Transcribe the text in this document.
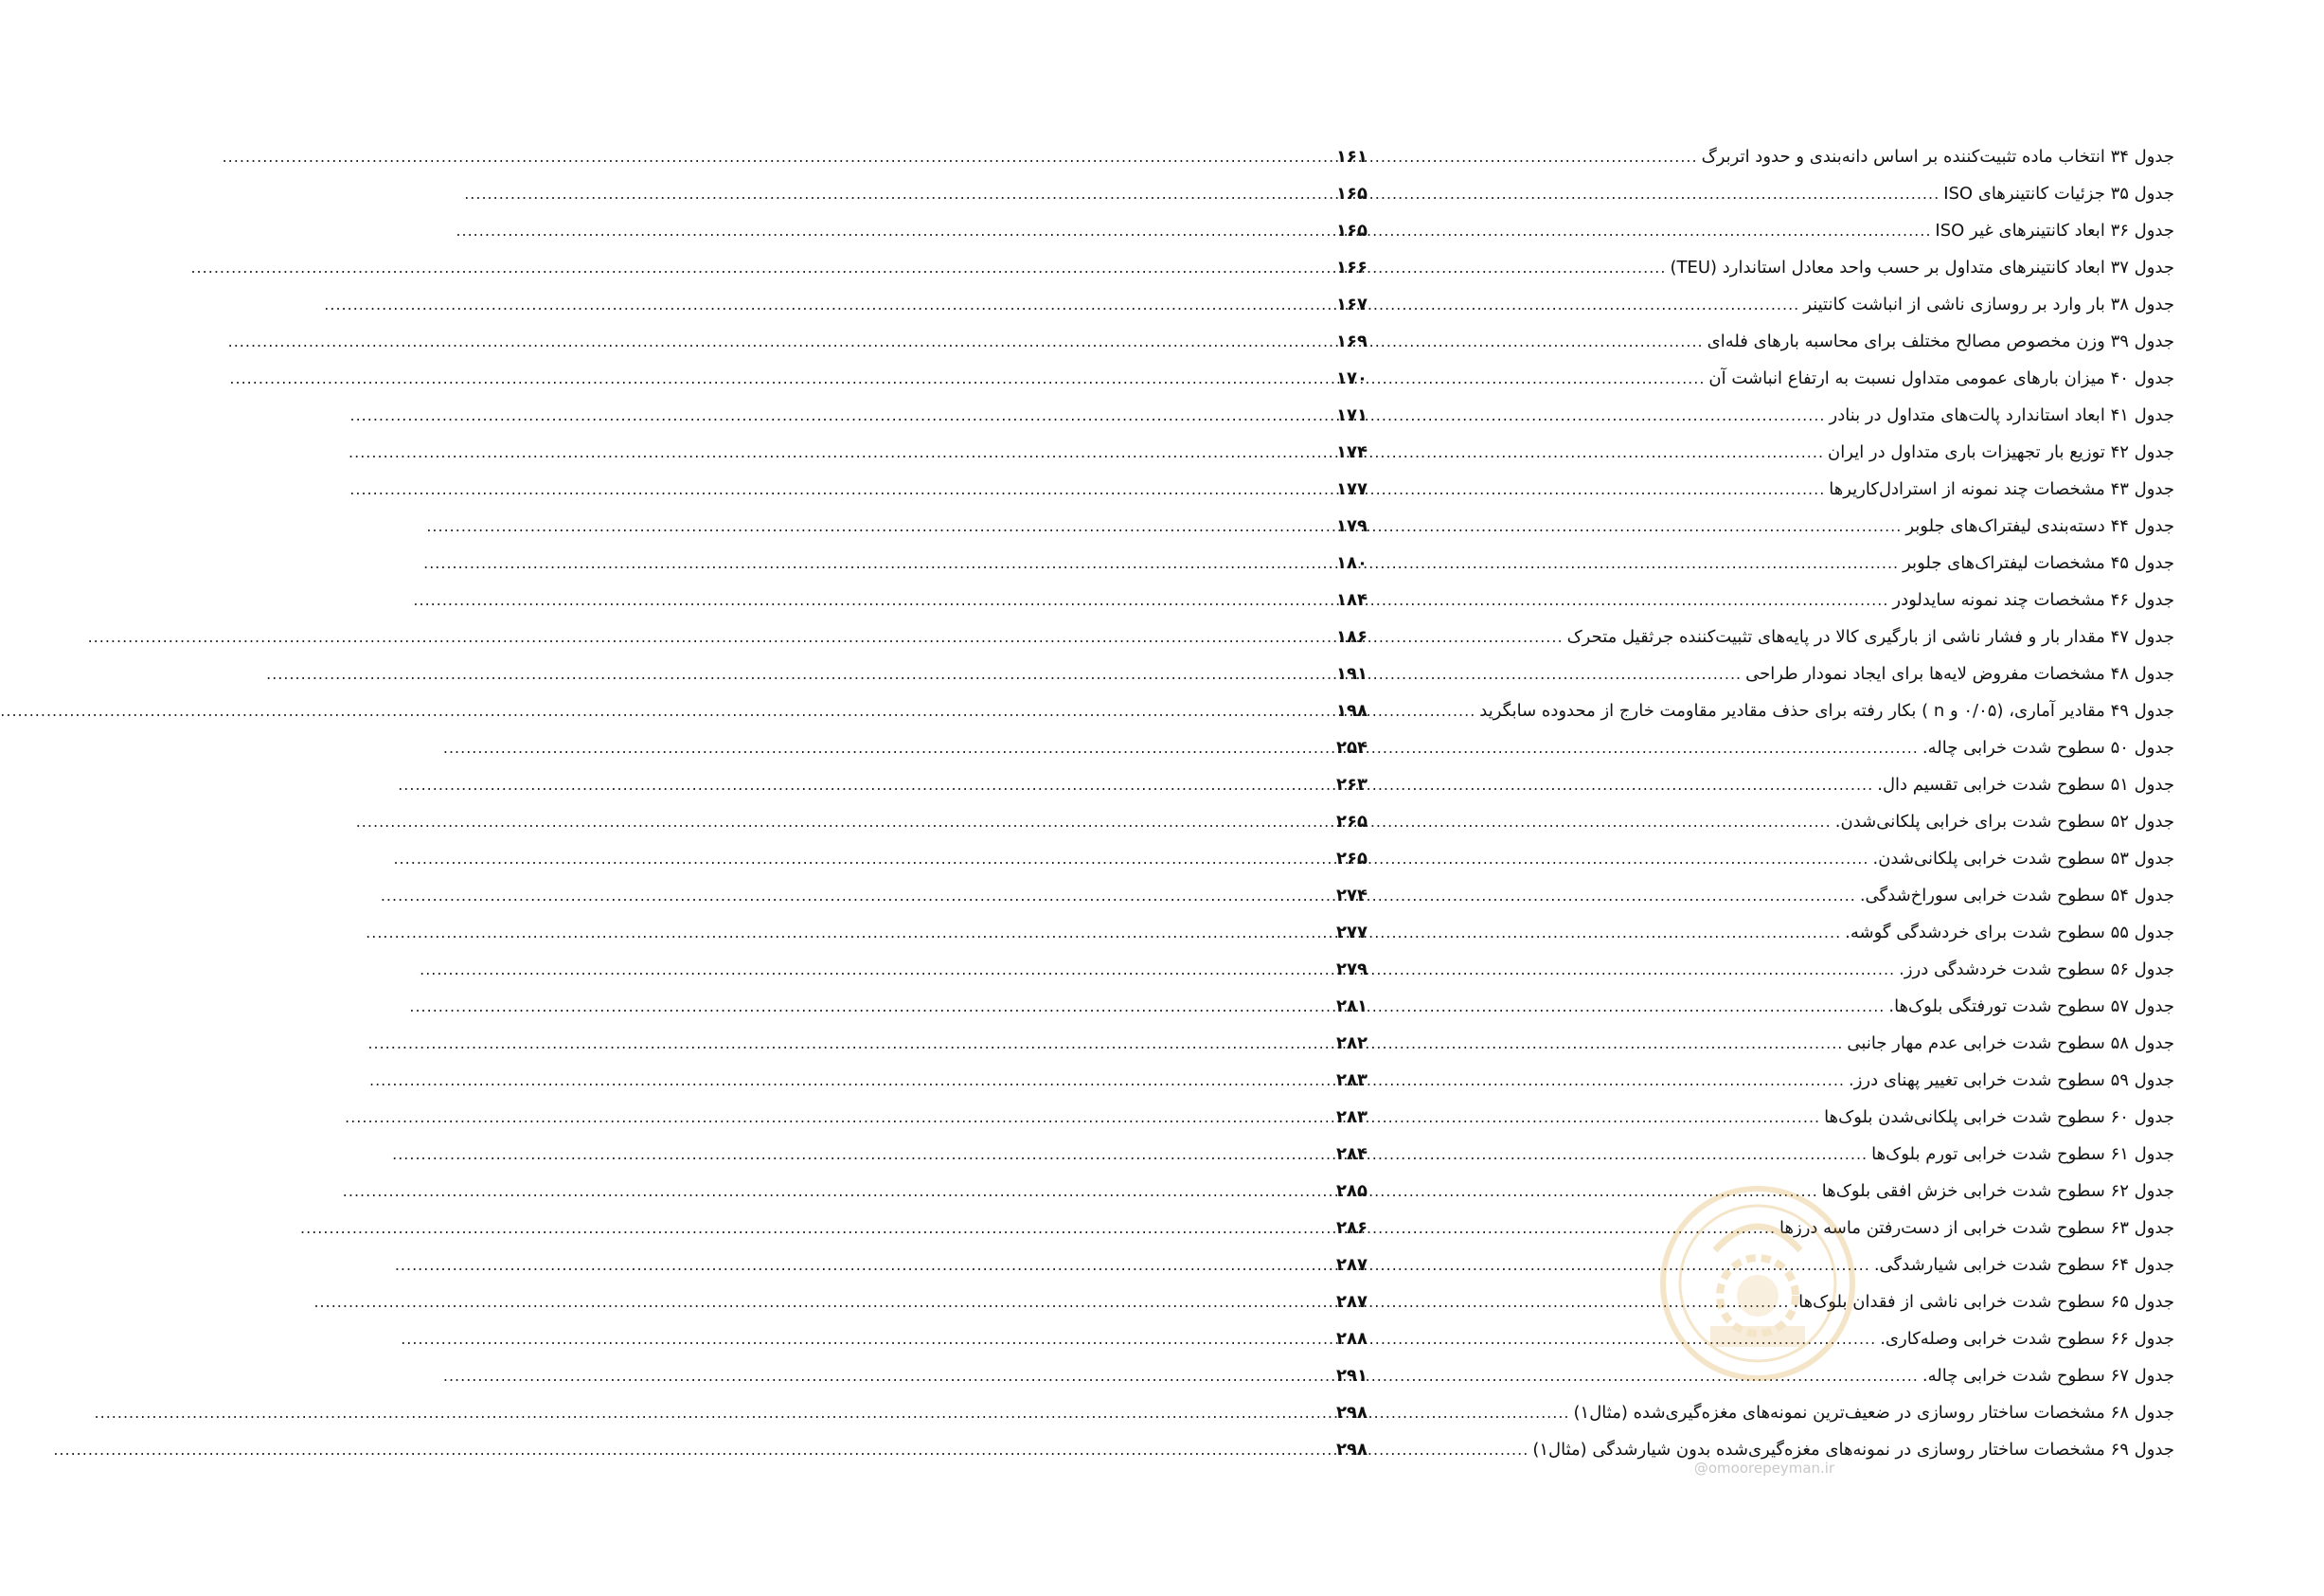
جدول ۳۴ انتخاب ماده تثبیت‌کننده بر اساس دانه‌بندی و حدود اتربرگ
.....
۱۶۱
جدول ۳۵ جزئیات کانتینرهای ISO
.....
۱۶۵
جدول ۳۶ ابعاد کانتینرهای غیر ISO
.....
۱۶۵
جدول ۳۷ ابعاد کانتینرهای متداول بر حسب واحد معادل استاندارد (TEU)
.....
۱۶۶
جدول ۳۸ بار وارد بر روسازی ناشی از انباشت کانتینر
.....
۱۶۷
جدول ۳۹ وزن مخصوص مصالح مختلف برای محاسبه بارهای فله‌ای
.....
۱۶۹
جدول ۴۰ میزان بارهای عمومی متداول نسبت به ارتفاع انباشت آن
.....
۱۷۰
جدول ۴۱ ابعاد استاندارد پالت‌های متداول در بنادر
.....
۱۷۱
جدول ۴۲ توزیع بار تجهیزات باری متداول در ایران
.....
۱۷۴
جدول ۴۳ مشخصات چند نمونه از استرادل‌کاریرها
.....
۱۷۷
جدول ۴۴ دسته‌بندی لیفتراک‌های جلوبر
.....
۱۷۹
جدول ۴۵ مشخصات لیفتراک‌های جلوبر
.....
۱۸۰
جدول ۴۶ مشخصات چند نمونه سایدلودر
.....
۱۸۴
جدول ۴۷ مقدار بار و فشار ناشی از بارگیری کالا در پایه‌های تثبیت‌کننده جرثقیل متحرک
.....
۱۸۶
جدول ۴۸ مشخصات مفروض لایه‌ها برای ایجاد نمودار طراحی
.....
۱۹۱
جدول ۴۹ مقادیر آماری، (۰/۰۵ و n ) بکار رفته برای حذف مقادیر مقاومت خارج از محدوده سابگرید
.....
۱۹۸
جدول ۵۰ سطوح شدت خرابی چاله.
.....
۲۵۴
جدول ۵۱ سطوح شدت خرابی تقسیم دال.
.....
۲۶۳
جدول ۵۲ سطوح شدت برای خرابی پلکانی‌شدن.
.....
۲۶۵
جدول ۵۳ سطوح شدت خرابی پلکانی‌شدن.
.....
۲۶۵
جدول ۵۴ سطوح شدت خرابی سوراخ‌شدگی.
.....
۲۷۴
جدول ۵۵ سطوح شدت برای خردشدگی گوشه.
.....
۲۷۷
جدول ۵۶ سطوح شدت خردشدگی درز.
.....
۲۷۹
جدول ۵۷ سطوح شدت تورفتگی بلوک‌ها.
.....
۲۸۱
جدول ۵۸ سطوح شدت خرابی عدم مهار جانبی
.....
۲۸۲
جدول ۵۹ سطوح شدت خرابی تغییر پهنای درز.
.....
۲۸۳
جدول ۶۰ سطوح شدت خرابی پلکانی‌شدن بلوک‌ها
.....
۲۸۳
جدول ۶۱ سطوح شدت خرابی تورم بلوک‌ها
.....
۲۸۴
جدول ۶۲ سطوح شدت خرابی خزش افقی بلوک‌ها
.....
۲۸۵
جدول ۶۳ سطوح شدت خرابی از دست‌رفتن ماسه درزها
.....
۲۸۶
جدول ۶۴ سطوح شدت خرابی شیارشدگی.
.....
۲۸۷
جدول ۶۵ سطوح شدت خرابی ناشی از فقدان بلوک‌ها.
.....
۲۸۷
جدول ۶۶ سطوح شدت خرابی وصله‌کاری.
.....
۲۸۸
جدول ۶۷ سطوح شدت خرابی چاله.
.....
۲۹۱
جدول ۶۸ مشخصات ساختار روسازی در ضعیف‌ترین نمونه‌های مغزه‌گیری‌شده (مثال۱)
.....
۲۹۸
جدول ۶۹ مشخصات ساختار روسازی در نمونه‌های مغزه‌گیری‌شده بدون شیارشدگی (مثال۱)
.....
۲۹۸
@omoorepeyman.ir
